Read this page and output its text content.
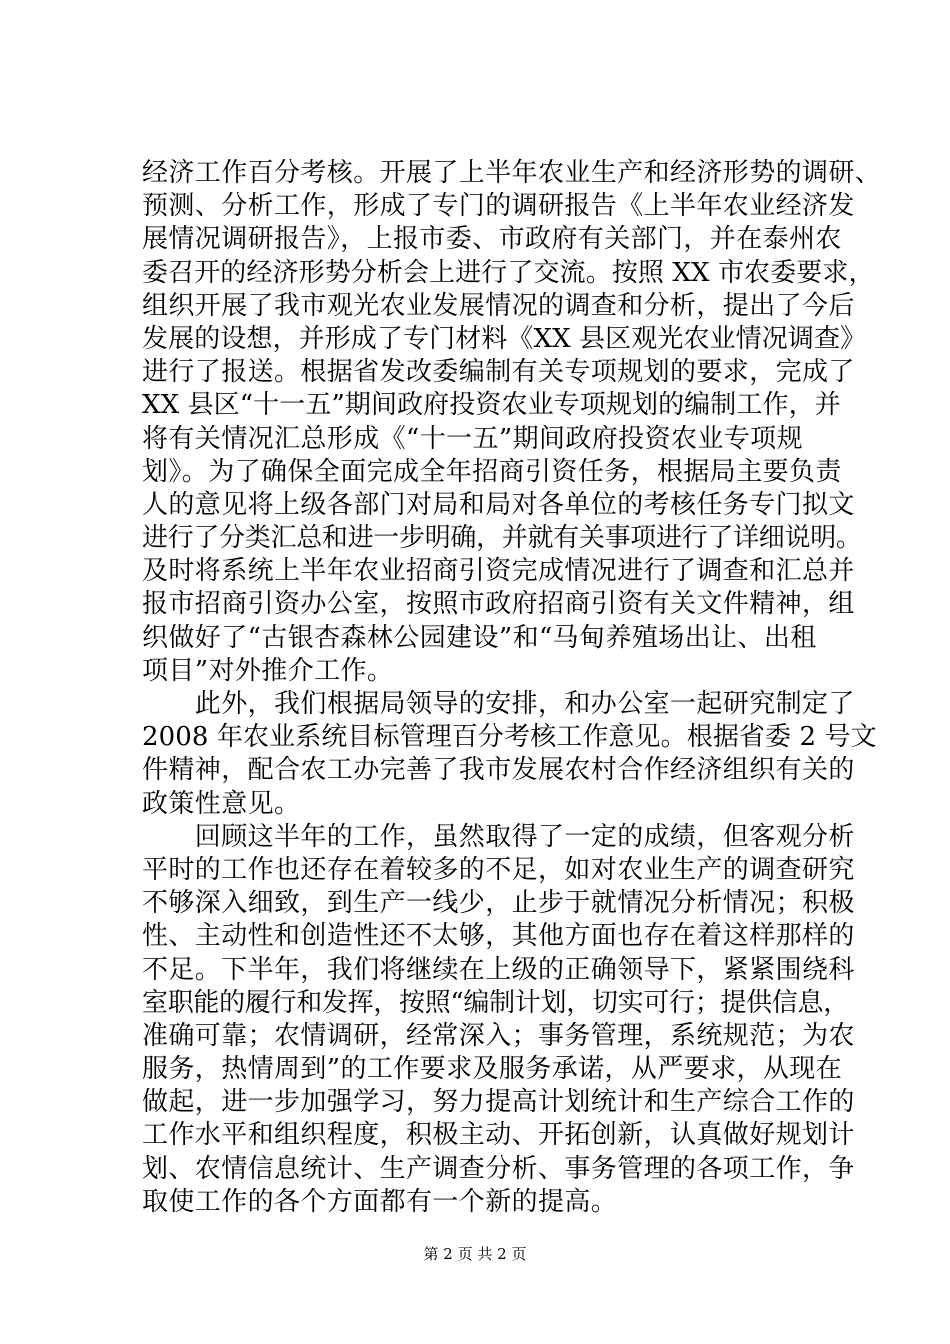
经济工作百分考核。开展了上半年农业生产和经济形势的调研、
预测、分析工作，形成了专门的调研报告《上半年农业经济发
展情况调研报告》，上报市委、市政府有关部门，并在泰州农
委召开的经济形势分析会上进行了交流。按照 XX 市农委要求，
组织开展了我市观光农业发展情况的调查和分析，提出了今后
发展的设想，并形成了专门材料《XX 县区观光农业情况调查》
进行了报送。根据省发改委编制有关专项规划的要求，完成了
XX 县区“十一五”期间政府投资农业专项规划的编制工作，并
将有关情况汇总形成《“十一五”期间政府投资农业专项规
划》。为了确保全面完成全年招商引资任务，根据局主要负责
人的意见将上级各部门对局和局对各单位的考核任务专门拟文
进行了分类汇总和进一步明确，并就有关事项进行了详细说明。
及时将系统上半年农业招商引资完成情况进行了调查和汇总并
报市招商引资办公室，按照市政府招商引资有关文件精神，组
织做好了“古银杏森林公园建设”和“马甸养殖场出让、出租
项目”对外推介工作。
　　此外，我们根据局领导的安排，和办公室一起研究制定了
2008 年农业系统目标管理百分考核工作意见。根据省委 2 号文
件精神，配合农工办完善了我市发展农村合作经济组织有关的
政策性意见。
　　回顾这半年的工作，虽然取得了一定的成绩，但客观分析
平时的工作也还存在着较多的不足，如对农业生产的调查研究
不够深入细致，到生产一线少，止步于就情况分析情况；积极
性、主动性和创造性还不太够，其他方面也存在着这样那样的
不足。下半年，我们将继续在上级的正确领导下，紧紧围绕科
室职能的履行和发挥，按照“编制计划，切实可行；提供信息，
准确可靠；农情调研，经常深入；事务管理，系统规范；为农
服务，热情周到”的工作要求及服务承诺，从严要求，从现在
做起，进一步加强学习，努力提高计划统计和生产综合工作的
工作水平和组织程度，积极主动、开拓创新，认真做好规划计
划、农情信息统计、生产调查分析、事务管理的各项工作，争
取使工作的各个方面都有一个新的提高。
第 2 页 共 2 页
